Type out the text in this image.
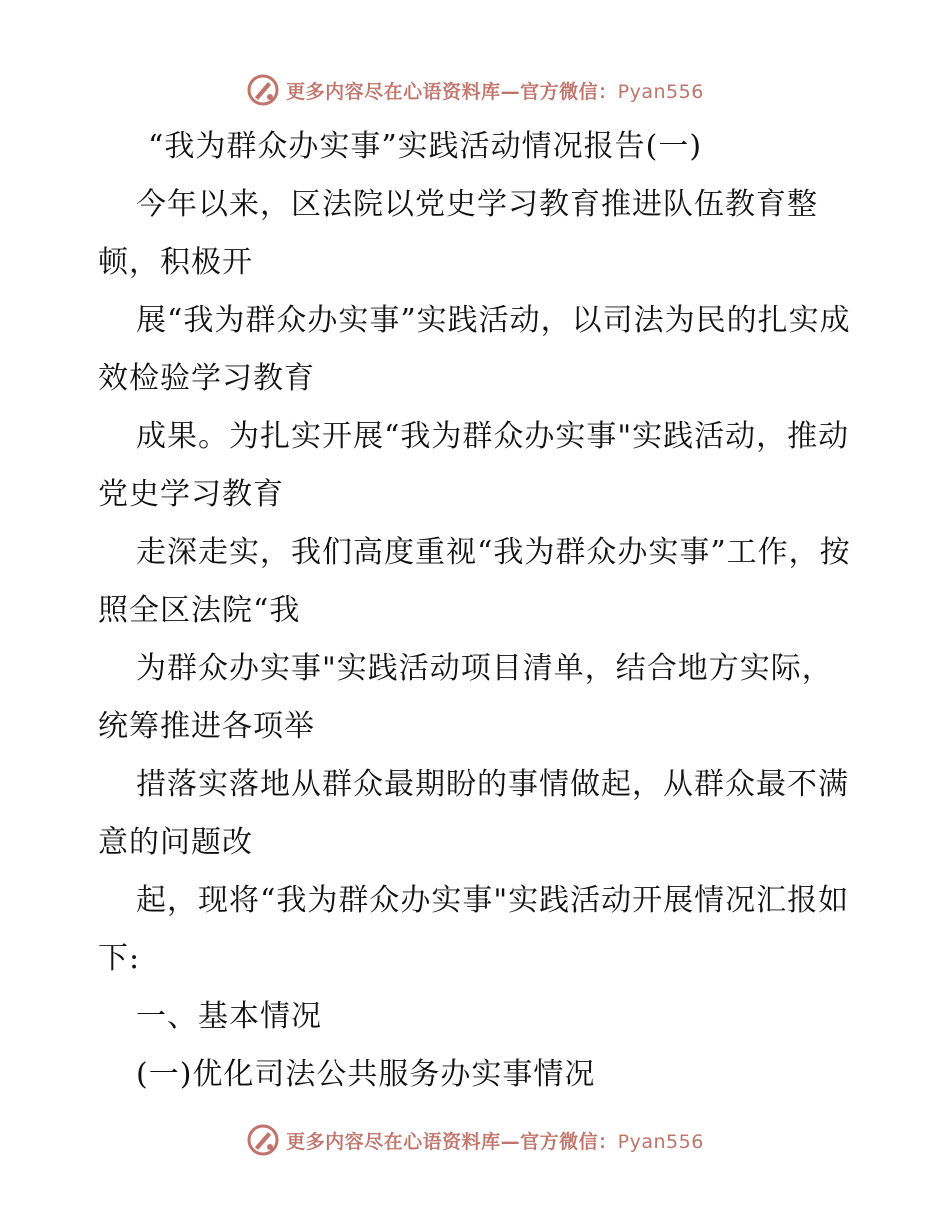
更多内容尽在心语资料库—官方微信：Pyan556
“我为群众办实事”实践活动情况报告(一)

今年以来，区法院以党史学习教育推进队伍教育整顿，积极开

展“我为群众办实事”实践活动，以司法为民的扎实成效检验学习教育

成果。为扎实开展“我为群众办实事"实践活动，推动党史学习教育

走深走实，我们高度重视“我为群众办实事”工作，按照全区法院“我

为群众办实事"实践活动项目清单，结合地方实际，统筹推进各项举

措落实落地从群众最期盼的事情做起，从群众最不满意的问题改

起，现将“我为群众办实事"实践活动开展情况汇报如下:

一、基本情况

(一)优化司法公共服务办实事情况

更多内容尽在心语资料库—官方微信：Pyan556
